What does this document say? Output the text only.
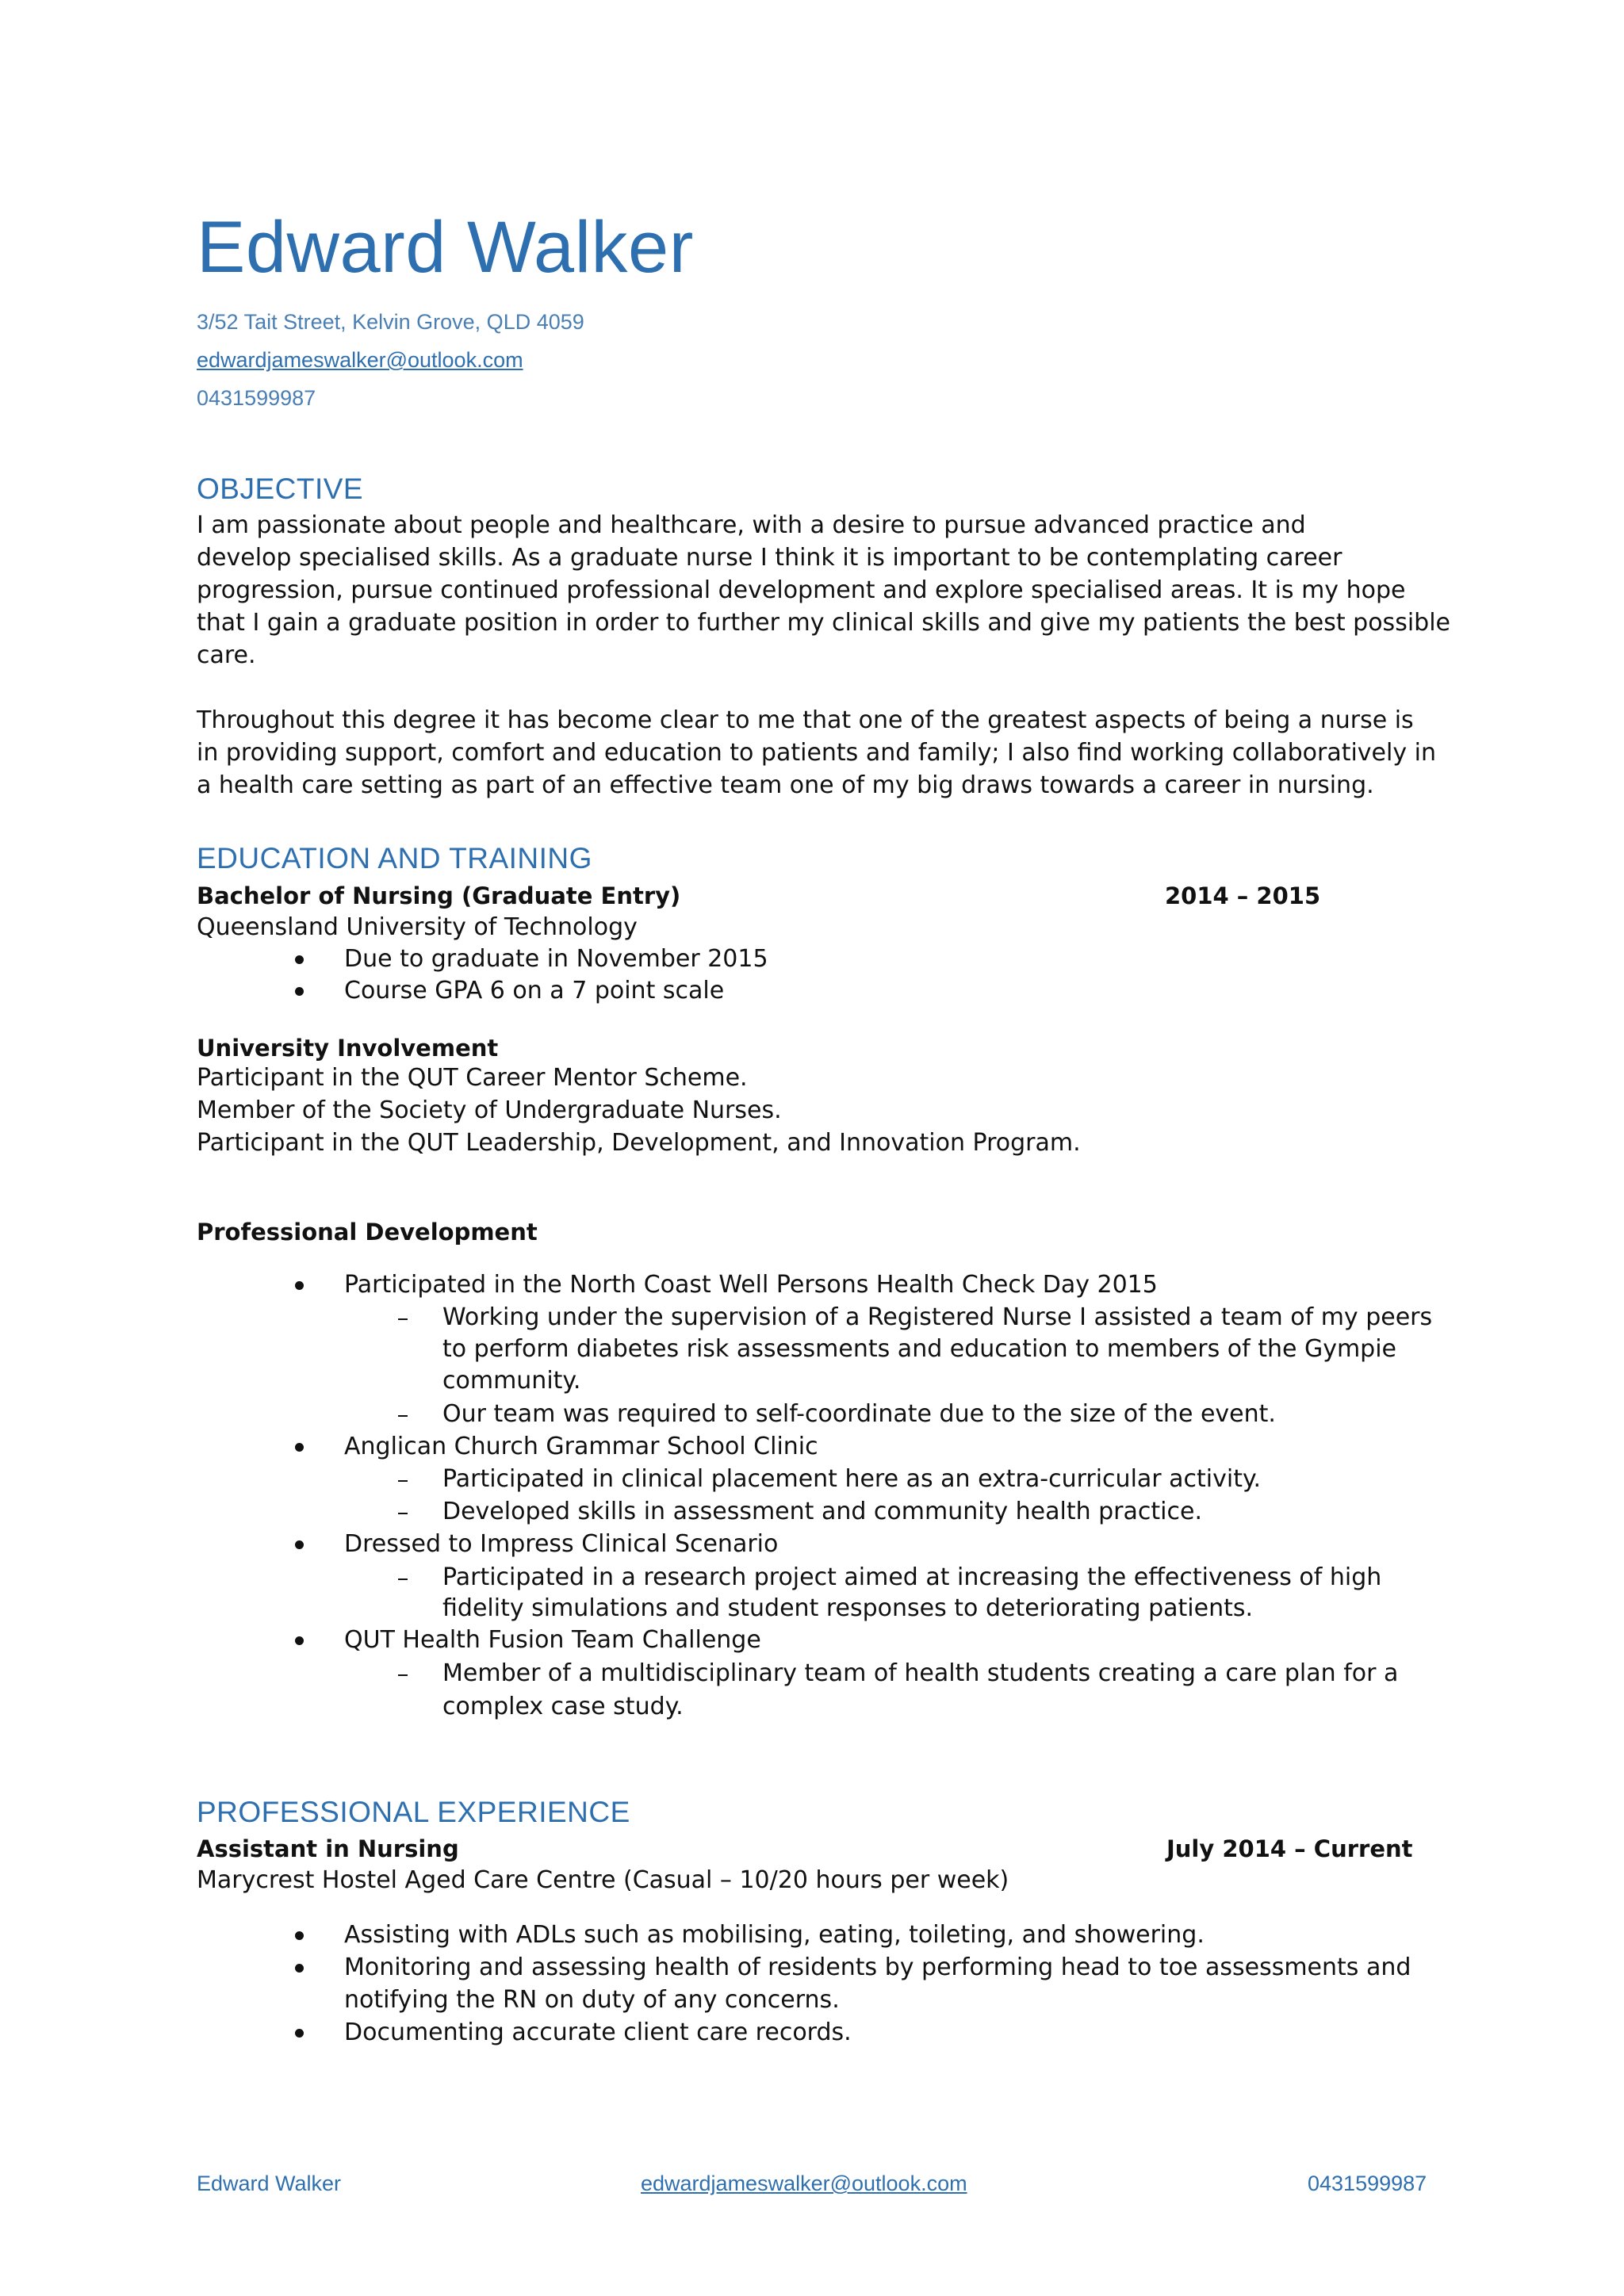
Edward Walker
3/52 Tait Street, Kelvin Grove, QLD 4059
edwardjameswalker@outlook.com
0431599987
OBJECTIVE
I am passionate about people and healthcare, with a desire to pursue advanced practice and
develop specialised skills. As a graduate nurse I think it is important to be contemplating career
progression, pursue continued professional development and explore specialised areas. It is my hope
that I gain a graduate position in order to further my clinical skills and give my patients the best possible
care.
Throughout this degree it has become clear to me that one of the greatest aspects of being a nurse is
in providing support, comfort and education to patients and family; I also find working collaboratively in
a health care setting as part of an effective team one of my big draws towards a career in nursing.
EDUCATION AND TRAINING
Bachelor of Nursing (Graduate Entry)	2014 – 2015
Queensland University of Technology
Due to graduate in November 2015
Course GPA 6 on a 7 point scale
University Involvement
Participant in the QUT Career Mentor Scheme.
Member of the Society of Undergraduate Nurses.
Participant in the QUT Leadership, Development, and Innovation Program.
Professional Development
Participated in the North Coast Well Persons Health Check Day 2015
Working under the supervision of a Registered Nurse I assisted a team of my peers
to perform diabetes risk assessments and education to members of the Gympie
community.
Our team was required to self-coordinate due to the size of the event.
Anglican Church Grammar School Clinic
Participated in clinical placement here as an extra-curricular activity.
Developed skills in assessment and community health practice.
Dressed to Impress Clinical Scenario
Participated in a research project aimed at increasing the effectiveness of high
fidelity simulations and student responses to deteriorating patients.
QUT Health Fusion Team Challenge
Member of a multidisciplinary team of health students creating a care plan for a
complex case study.
PROFESSIONAL EXPERIENCE
Assistant in Nursing	July 2014 – Current
Marycrest Hostel Aged Care Centre (Casual – 10/20 hours per week)
Assisting with ADLs such as mobilising, eating, toileting, and showering.
Monitoring and assessing health of residents by performing head to toe assessments and
notifying the RN on duty of any concerns.
Documenting accurate client care records.
Edward Walker	edwardjameswalker@outlook.com	0431599987
